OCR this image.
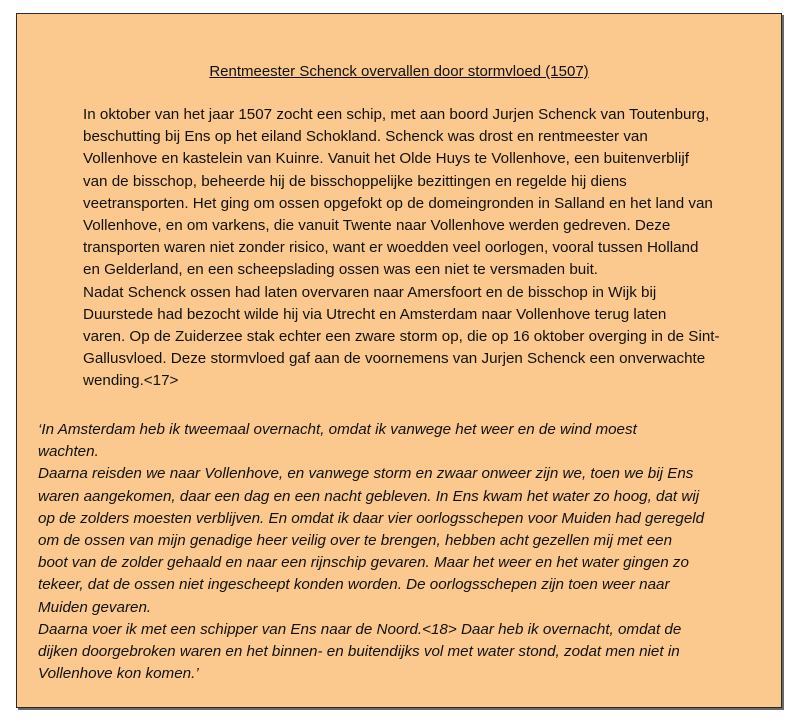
Rentmeester Schenck overvallen door stormvloed (1507)

In oktober van het jaar 1507 zocht een schip, met aan boord Jurjen Schenck van Toutenburg,
beschutting bij Ens op het eiland Schokland. Schenck was drost en rentmeester van
Vollenhove en kastelein van Kuinre. Vanuit het Olde Huys te Vollenhove, een buitenverblijf
van de bisschop, beheerde hij de bisschoppelijke bezittingen en regelde hij diens
veetransporten. Het ging om ossen opgefokt op de domeingronden in Salland en het land van
Vollenhove, en om varkens, die vanuit Twente naar Vollenhove werden gedreven. Deze
transporten waren niet zonder risico, want er woedden veel oorlogen, vooral tussen Holland
en Gelderland, en een scheepslading ossen was een niet te versmaden buit.
Nadat Schenck ossen had laten overvaren naar Amersfoort en de bisschop in Wijk bij
Duurstede had bezocht wilde hij via Utrecht en Amsterdam naar Vollenhove terug laten
varen. Op de Zuiderzee stak echter een zware storm op, die op 16 oktober overging in de Sint-
Gallusvloed. Deze stormvloed gaf aan de voornemens van Jurjen Schenck een onverwachte
wending.<17>

‘In Amsterdam heb ik tweemaal overnacht, omdat ik vanwege het weer en de wind moest
wachten.
Daarna reisden we naar Vollenhove, en vanwege storm en zwaar onweer zijn we, toen we bij Ens
waren aangekomen, daar een dag en een nacht gebleven. In Ens kwam het water zo hoog, dat wij
op de zolders moesten verblijven. En omdat ik daar vier oorlogsschepen voor Muiden had geregeld
om de ossen van mijn genadige heer veilig over te brengen, hebben acht gezellen mij met een
boot van de zolder gehaald en naar een rijnschip gevaren. Maar het weer en het water gingen zo
tekeer, dat de ossen niet ingescheept konden worden. De oorlogsschepen zijn toen weer naar
Muiden gevaren.
Daarna voer ik met een schipper van Ens naar de Noord.<18> Daar heb ik overnacht, omdat de
dijken doorgebroken waren en het binnen- en buitendijks vol met water stond, zodat men niet in
Vollenhove kon komen.’
